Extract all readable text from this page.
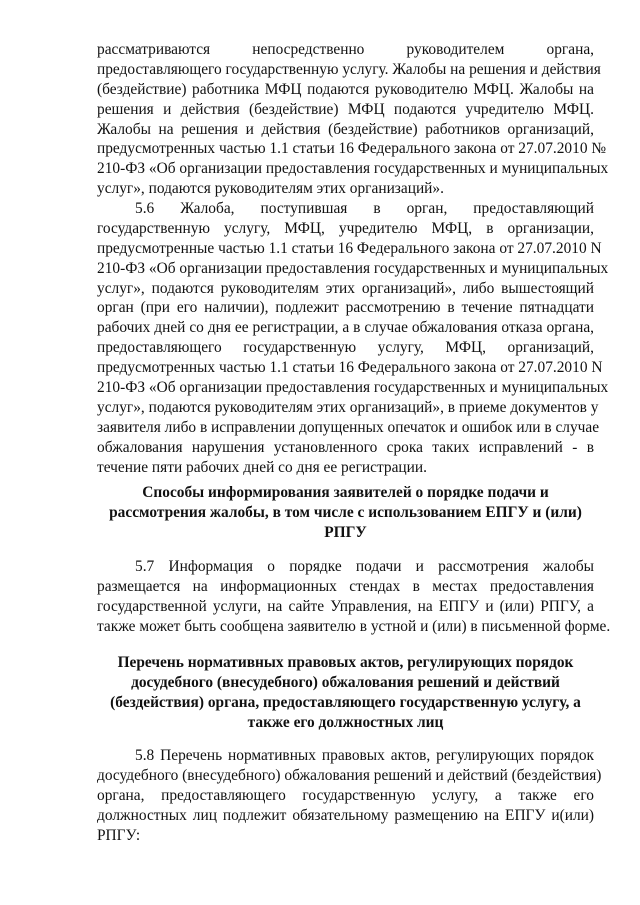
рассматриваются непосредственно руководителем органа,
предоставляющего государственную услугу. Жалобы на решения и действия
(бездействие) работника МФЦ подаются руководителю МФЦ. Жалобы на
решения и действия (бездействие) МФЦ подаются учредителю МФЦ.
Жалобы на решения и действия (бездействие) работников организаций,
предусмотренных частью 1.1 статьи 16 Федерального закона от 27.07.2010 №
210-ФЗ «Об организации предоставления государственных и муниципальных
услуг», подаются руководителям этих организаций».
5.6 Жалоба, поступившая в орган, предоставляющий
государственную услугу, МФЦ, учредителю МФЦ, в организации,
предусмотренные частью 1.1 статьи 16 Федерального закона от 27.07.2010 N
210-ФЗ «Об организации предоставления государственных и муниципальных
услуг», подаются руководителям этих организаций», либо вышестоящий
орган (при его наличии), подлежит рассмотрению в течение пятнадцати
рабочих дней со дня ее регистрации, а в случае обжалования отказа органа,
предоставляющего государственную услугу, МФЦ, организаций,
предусмотренных частью 1.1 статьи 16 Федерального закона от 27.07.2010 N
210-ФЗ «Об организации предоставления государственных и муниципальных
услуг», подаются руководителям этих организаций», в приеме документов у
заявителя либо в исправлении допущенных опечаток и ошибок или в случае
обжалования нарушения установленного срока таких исправлений - в
течение пяти рабочих дней со дня ее регистрации.
Способы информирования заявителей о порядке подачи и
рассмотрения жалобы, в том числе с использованием ЕПГУ и (или)
РПГУ
5.7 Информация о порядке подачи и рассмотрения жалобы
размещается на информационных стендах в местах предоставления
государственной услуги, на сайте Управления, на ЕПГУ и (или) РПГУ, а
также может быть сообщена заявителю в устной и (или) в письменной форме.
Перечень нормативных правовых актов, регулирующих порядок
досудебного (внесудебного) обжалования решений и действий
(бездействия) органа, предоставляющего государственную услугу, а
также его должностных лиц
5.8 Перечень нормативных правовых актов, регулирующих порядок
досудебного (внесудебного) обжалования решений и действий (бездействия)
органа, предоставляющего государственную услугу, а также его
должностных лиц подлежит обязательному размещению на ЕПГУ и(или)
РПГУ:
